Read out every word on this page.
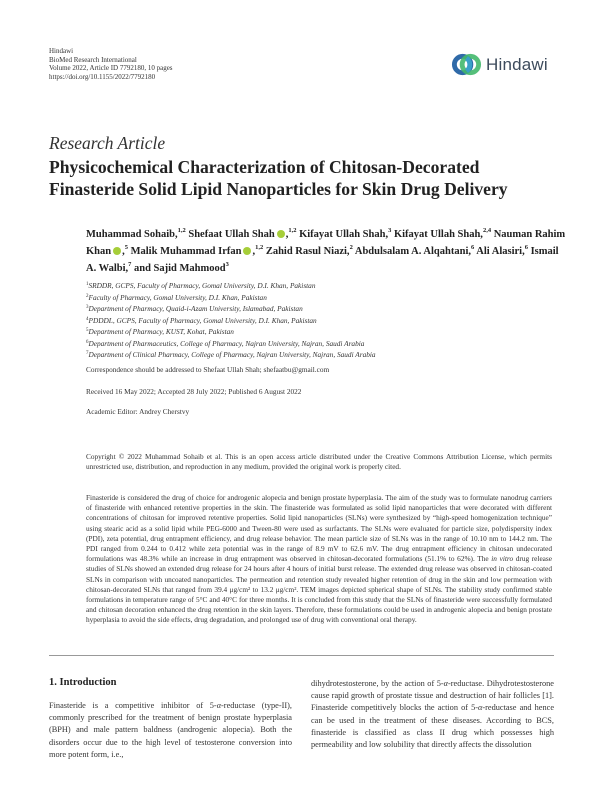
Hindawi
BioMed Research International
Volume 2022, Article ID 7792180, 10 pages
https://doi.org/10.1155/2022/7792180
Hindawi
Research Article
Physicochemical Characterization of Chitosan-Decorated Finasteride Solid Lipid Nanoparticles for Skin Drug Delivery
Muhammad Sohaib,$^{1,2}$ Shefaat Ullah Shah ,$^{1,2}$ Kifayat Ullah Shah,$^3$ Kifayat Ullah Shah,$^{2,4}$ Nauman Rahim Khan ,$^5$ Malik Muhammad Irfan ,$^{1,2}$ Zahid Rasul Niazi,$^2$ Abdulsalam A. Alqahtani,$^6$ Ali Alasiri,$^6$ Ismail A. Walbi,$^7$ and Sajid Mahmood$^3$
$^1$SRDDR, GCPS, Faculty of Pharmacy, Gomal University, D.I. Khan, Pakistan
$^2$Faculty of Pharmacy, Gomal University, D.I. Khan, Pakistan
$^3$Department of Pharmacy, Quaid-i-Azam University, Islamabad, Pakistan
$^4$PDDDL, GCPS, Faculty of Pharmacy, Gomal University, D.I. Khan, Pakistan
$^5$Department of Pharmacy, KUST, Kohat, Pakistan
$^6$Department of Pharmaceutics, College of Pharmacy, Najran University, Najran, Saudi Arabia
$^7$Department of Clinical Pharmacy, College of Pharmacy, Najran University, Najran, Saudi Arabia
Correspondence should be addressed to Shefaat Ullah Shah; shefaatbu@gmail.com
Received 16 May 2022; Accepted 28 July 2022; Published 6 August 2022
Academic Editor: Andrey Cherstvy
Copyright © 2022 Muhammad Sohaib et al. This is an open access article distributed under the Creative Commons Attribution License, which permits unrestricted use, distribution, and reproduction in any medium, provided the original work is properly cited.
Finasteride is considered the drug of choice for androgenic alopecia and benign prostate hyperplasia. The aim of the study was to formulate nanodrug carriers of finasteride with enhanced retentive properties in the skin. The finasteride was formulated as solid lipid nanoparticles that were decorated with different concentrations of chitosan for improved retentive properties. Solid lipid nanoparticles (SLNs) were synthesized by “high-speed homogenization technique” using stearic acid as a solid lipid while PEG-6000 and Tween-80 were used as surfactants. The SLNs were evaluated for particle size, polydispersity index (PDI), zeta potential, drug entrapment efficiency, and drug release behavior. The mean particle size of SLNs was in the range of 10.10 nm to 144.2 nm. The PDI ranged from 0.244 to 0.412 while zeta potential was in the range of 8.9 mV to 62.6 mV. The drug entrapment efficiency in chitosan undecorated formulations was 48.3% while an increase in drug entrapment was observed in chitosan-decorated formulations (51.1% to 62%). The in vitro drug release studies of SLNs showed an extended drug release for 24 hours after 4 hours of initial burst release. The extended drug release was observed in chitosan-coated SLNs in comparison with uncoated nanoparticles. The permeation and retention study revealed higher retention of drug in the skin and low permeation with chitosan-decorated SLNs that ranged from 39.4 μg/cm² to 13.2 μg/cm². TEM images depicted spherical shape of SLNs. The stability study confirmed stable formulations in temperature range of 5°C and 40°C for three months. It is concluded from this study that the SLNs of finasteride were successfully formulated and chitosan decoration enhanced the drug retention in the skin layers. Therefore, these formulations could be used in androgenic alopecia and benign prostate hyperplasia to avoid the side effects, drug degradation, and prolonged use of drug with conventional oral therapy.
1. Introduction
Finasteride is a competitive inhibitor of 5-α-reductase (type-II), commonly prescribed for the treatment of benign prostate hyperplasia (BPH) and male pattern baldness (androgenic alopecia). Both the disorders occur due to the high level of testosterone conversion into more potent form, i.e.,
dihydrotestosterone, by the action of 5-α-reductase. Dihydrotestosterone cause rapid growth of prostate tissue and destruction of hair follicles [1]. Finasteride competitively blocks the action of 5-α-reductase and hence can be used in the treatment of these diseases. According to BCS, finasteride is classified as class II drug which possesses high permeability and low solubility that directly affects the dissolution
